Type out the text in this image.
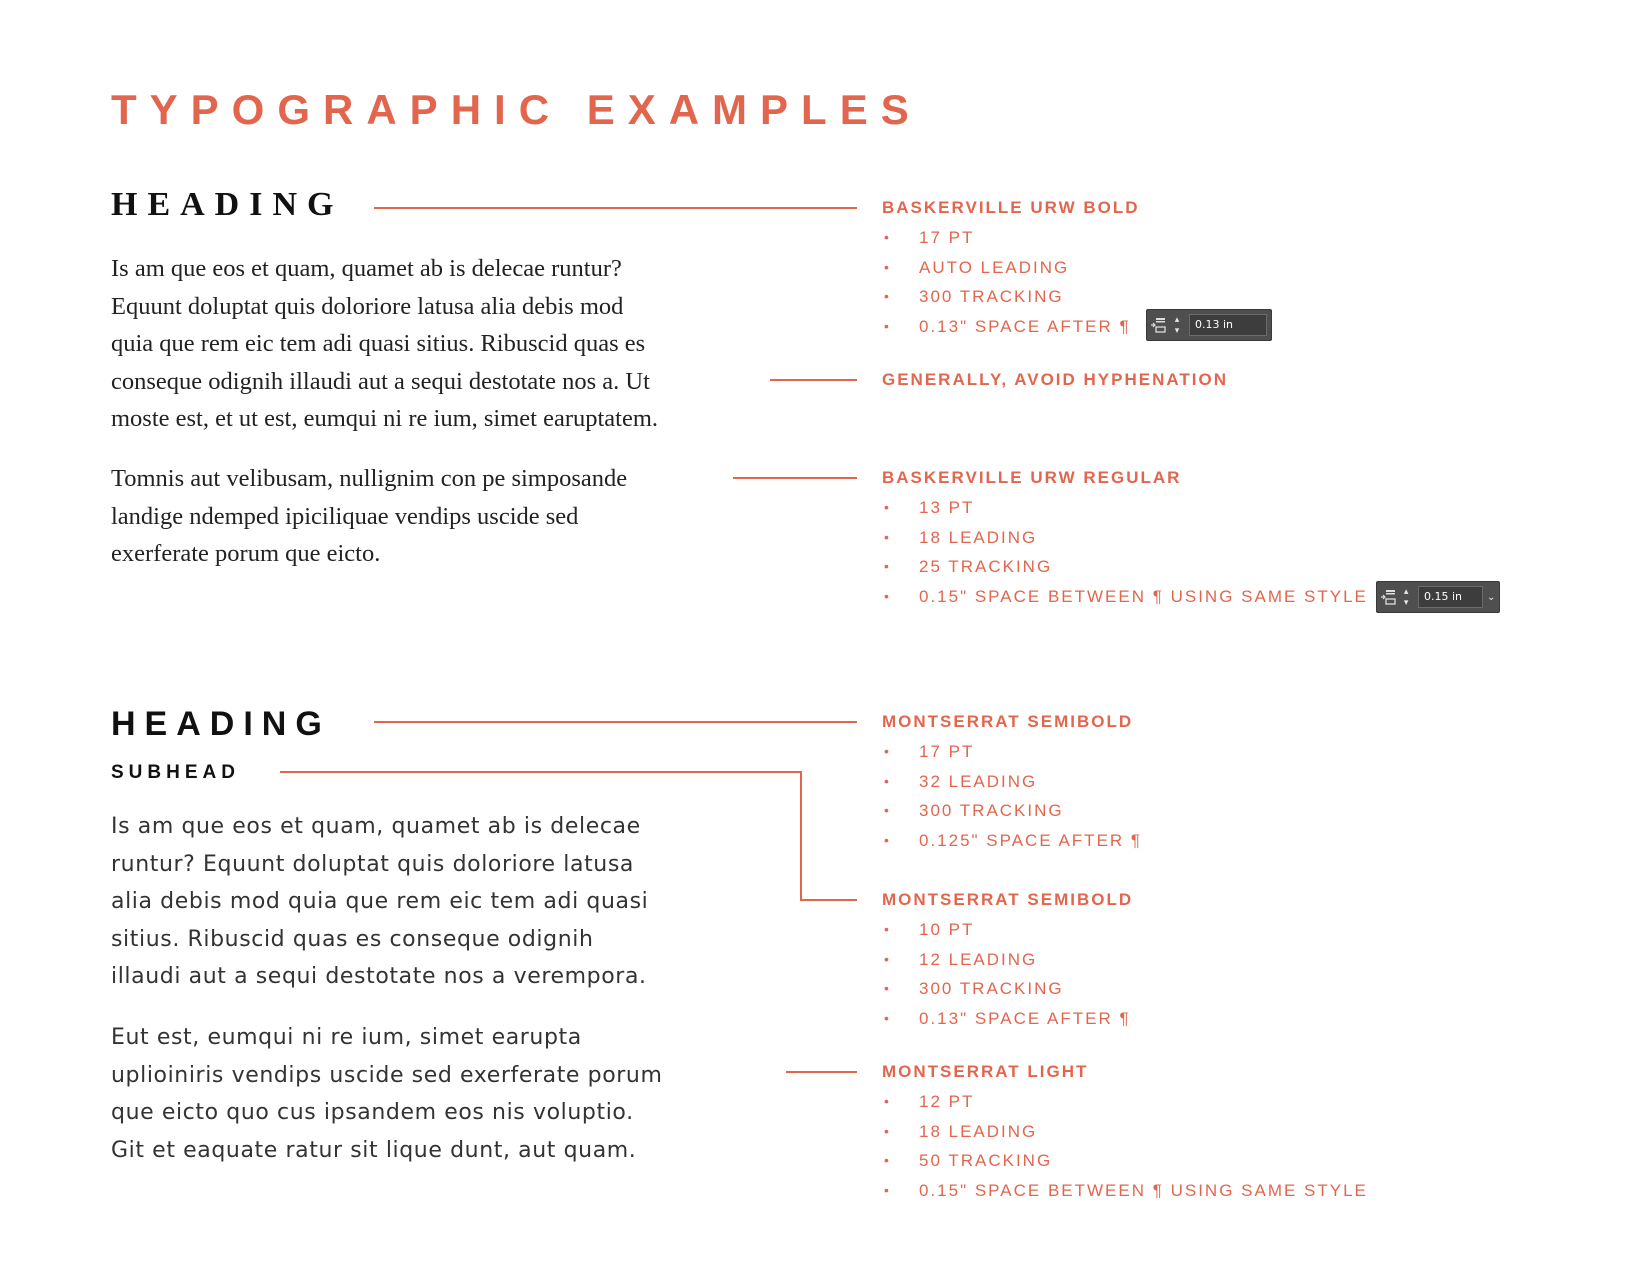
TYPOGRAPHIC EXAMPLES
HEADING
Is am que eos et quam, quamet ab is delecae runtur?
Equunt doluptat quis doloriore latusa alia debis mod
quia que rem eic tem adi quasi sitius. Ribuscid quas es
conseque odignih illaudi aut a sequi destotate nos a. Ut
moste est, et ut est, eumqui ni re ium, simet earuptatem.
Tomnis aut velibusam, nullignim con pe simposande
landige ndemped ipiciliquae vendips uscide sed
exerferate porum que eicto.
BASKERVILLE URW BOLD
• 17 PT
• AUTO LEADING
• 300 TRACKING
• 0.13" SPACE AFTER ¶	▴
▾	0.13 in
GENERALLY, AVOID HYPHENATION
BASKERVILLE URW REGULAR
• 13 PT
• 18 LEADING
• 25 TRACKING
• 0.15" SPACE BETWEEN ¶ USING SAME STYLE	▴
▾	0.15 in	⌄
HEADING
SUBHEAD
Is am que eos et quam, quamet ab is delecae
runtur? Equunt doluptat quis doloriore latusa
alia debis mod quia que rem eic tem adi quasi
sitius. Ribuscid quas es conseque odignih
illaudi aut a sequi destotate nos a verempora.
Eut est, eumqui ni re ium, simet earupta
uplioiniris vendips uscide sed exerferate porum
que eicto quo cus ipsandem eos nis voluptio.
Git et eaquate ratur sit lique dunt, aut quam.
MONTSERRAT SEMIBOLD
• 17 PT
• 32 LEADING
• 300 TRACKING
• 0.125" SPACE AFTER ¶
MONTSERRAT SEMIBOLD
• 10 PT
• 12 LEADING
• 300 TRACKING
• 0.13" SPACE AFTER ¶
MONTSERRAT LIGHT
• 12 PT
• 18 LEADING
• 50 TRACKING
• 0.15" SPACE BETWEEN ¶ USING SAME STYLE
